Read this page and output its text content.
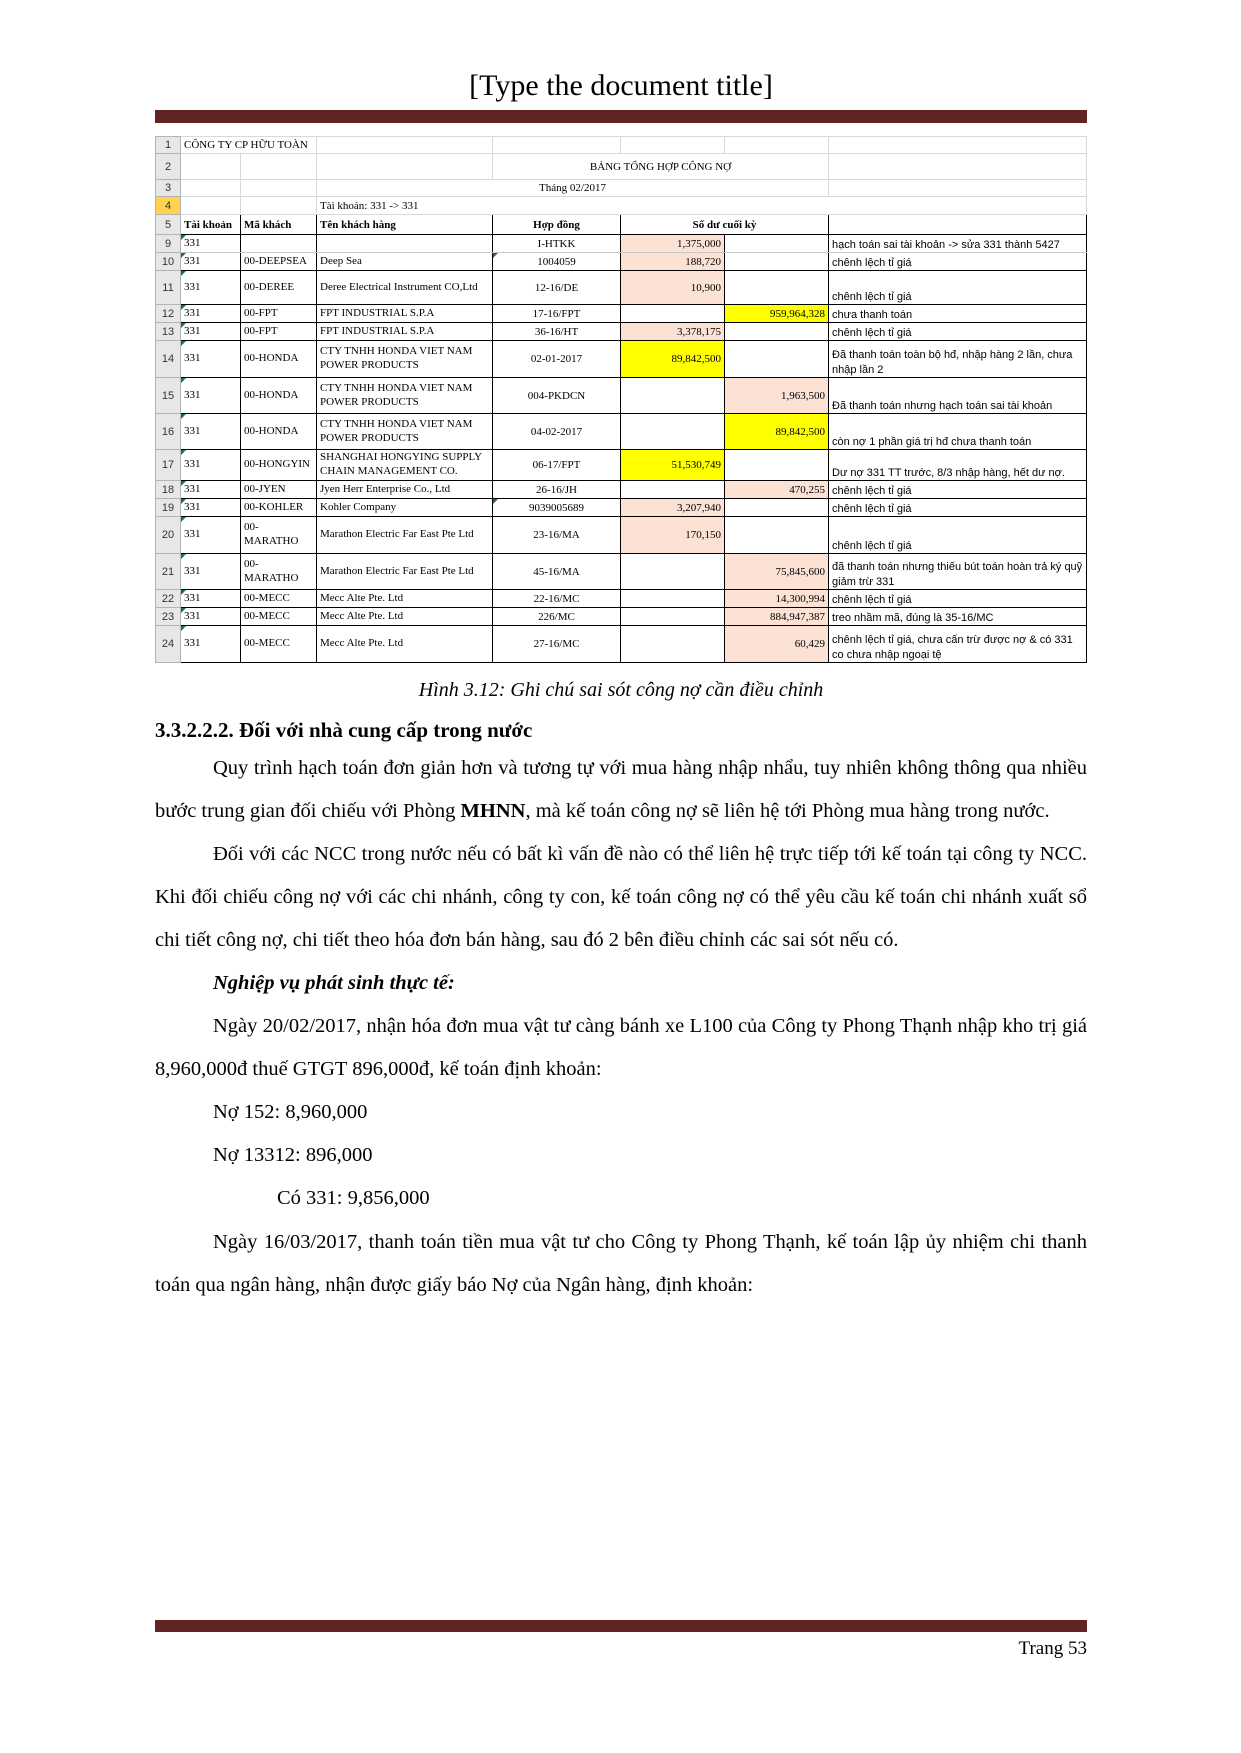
[Type the document title]
1	CÔNG TY CP HỮU TOÀN						
2				BẢNG TỔNG HỢP CÔNG NỢ			
3			Tháng 02/2017				
4			Tài khoản: 331 -> 331				
5	Tài khoản	Mã khách	Tên khách hàng	Hợp đồng	Số dư cuối kỳ		
9	331			I-HTKK	1,375,000		hạch toán sai tài khoản -> sửa 331 thành 5427
10	331	00-DEEPSEA	Deep Sea	1004059	188,720		chênh lệch tỉ giá
11	331	00-DEREE	Deree Electrical Instrument CO,Ltd	12-16/DE	10,900		chênh lệch tỉ giá
12	331	00-FPT	FPT INDUSTRIAL S.P.A	17-16/FPT		959,964,328	chưa thanh toán
13	331	00-FPT	FPT INDUSTRIAL S.P.A	36-16/HT	3,378,175		chênh lệch tỉ giá
14	331	00-HONDA	CTY TNHH HONDA VIET NAM POWER PRODUCTS	02-01-2017	89,842,500		Đã thanh toán toàn bộ hđ, nhập hàng 2 lần, chưa nhập lần 2
15	331	00-HONDA	CTY TNHH HONDA VIET NAM POWER PRODUCTS	004-PKDCN		1,963,500	Đã thanh toán nhưng hạch toán sai tài khoản
16	331	00-HONDA	CTY TNHH HONDA VIET NAM POWER PRODUCTS	04-02-2017		89,842,500	còn nợ 1 phần giá trị hđ chưa thanh toán
17	331	00-HONGYIN	SHANGHAI HONGYING SUPPLY CHAIN MANAGEMENT CO.	06-17/FPT	51,530,749		Dư nợ 331 TT trước, 8/3 nhập hàng, hết dư nợ.
18	331	00-JYEN	Jyen Herr Enterprise Co., Ltd	26-16/JH		470,255	chênh lệch tỉ giá
19	331	00-KOHLER	Kohler Company	9039005689	3,207,940		chênh lệch tỉ giá
20	331	00-MARATHO	Marathon Electric Far East Pte Ltd	23-16/MA	170,150		chênh lệch tỉ giá
21	331	00-MARATHO	Marathon Electric Far East Pte Ltd	45-16/MA		75,845,600	đã thanh toán nhưng thiếu bút toán hoàn trả ký quỹ giảm trừ 331
22	331	00-MECC	Mecc Alte Pte. Ltd	22-16/MC		14,300,994	chênh lệch tỉ giá
23	331	00-MECC	Mecc Alte Pte. Ltd	226/MC		884,947,387	treo nhầm mã, đúng là 35-16/MC
24	331	00-MECC	Mecc Alte Pte. Ltd	27-16/MC		60,429	chênh lệch tỉ giá, chưa cấn trừ được nợ & có 331 co chưa nhập ngoại tệ
Hình 3.12: Ghi chú sai sót công nợ cần điều chỉnh
3.3.2.2.2. Đối với nhà cung cấp trong nước

Quy trình hạch toán đơn giản hơn và tương tự với mua hàng nhập nhẩu, tuy nhiên không thông qua nhiều bước trung gian đối chiếu với Phòng MHNN, mà kế toán công nợ sẽ liên hệ tới Phòng mua hàng trong nước.

Đối với các NCC trong nước nếu có bất kì vấn đề nào có thể liên hệ trực tiếp tới kế toán tại công ty NCC. Khi đối chiếu công nợ với các chi nhánh, công ty con, kế toán công nợ có thể yêu cầu kế toán chi nhánh xuất sổ chi tiết công nợ, chi tiết theo hóa đơn bán hàng, sau đó 2 bên điều chỉnh các sai sót nếu có.

Nghiệp vụ phát sinh thực tế:

Ngày 20/02/2017, nhận hóa đơn mua vật tư càng bánh xe L100 của Công ty Phong Thạnh nhập kho trị giá 8,960,000đ thuế GTGT 896,000đ, kế toán định khoản:

Nợ 152: 8,960,000
Nợ 13312: 896,000
Có 331: 9,856,000

Ngày 16/03/2017, thanh toán tiền mua vật tư cho Công ty Phong Thạnh, kế toán lập ủy nhiệm chi thanh toán qua ngân hàng, nhận được giấy báo Nợ của Ngân hàng, định khoản:

Trang 53
